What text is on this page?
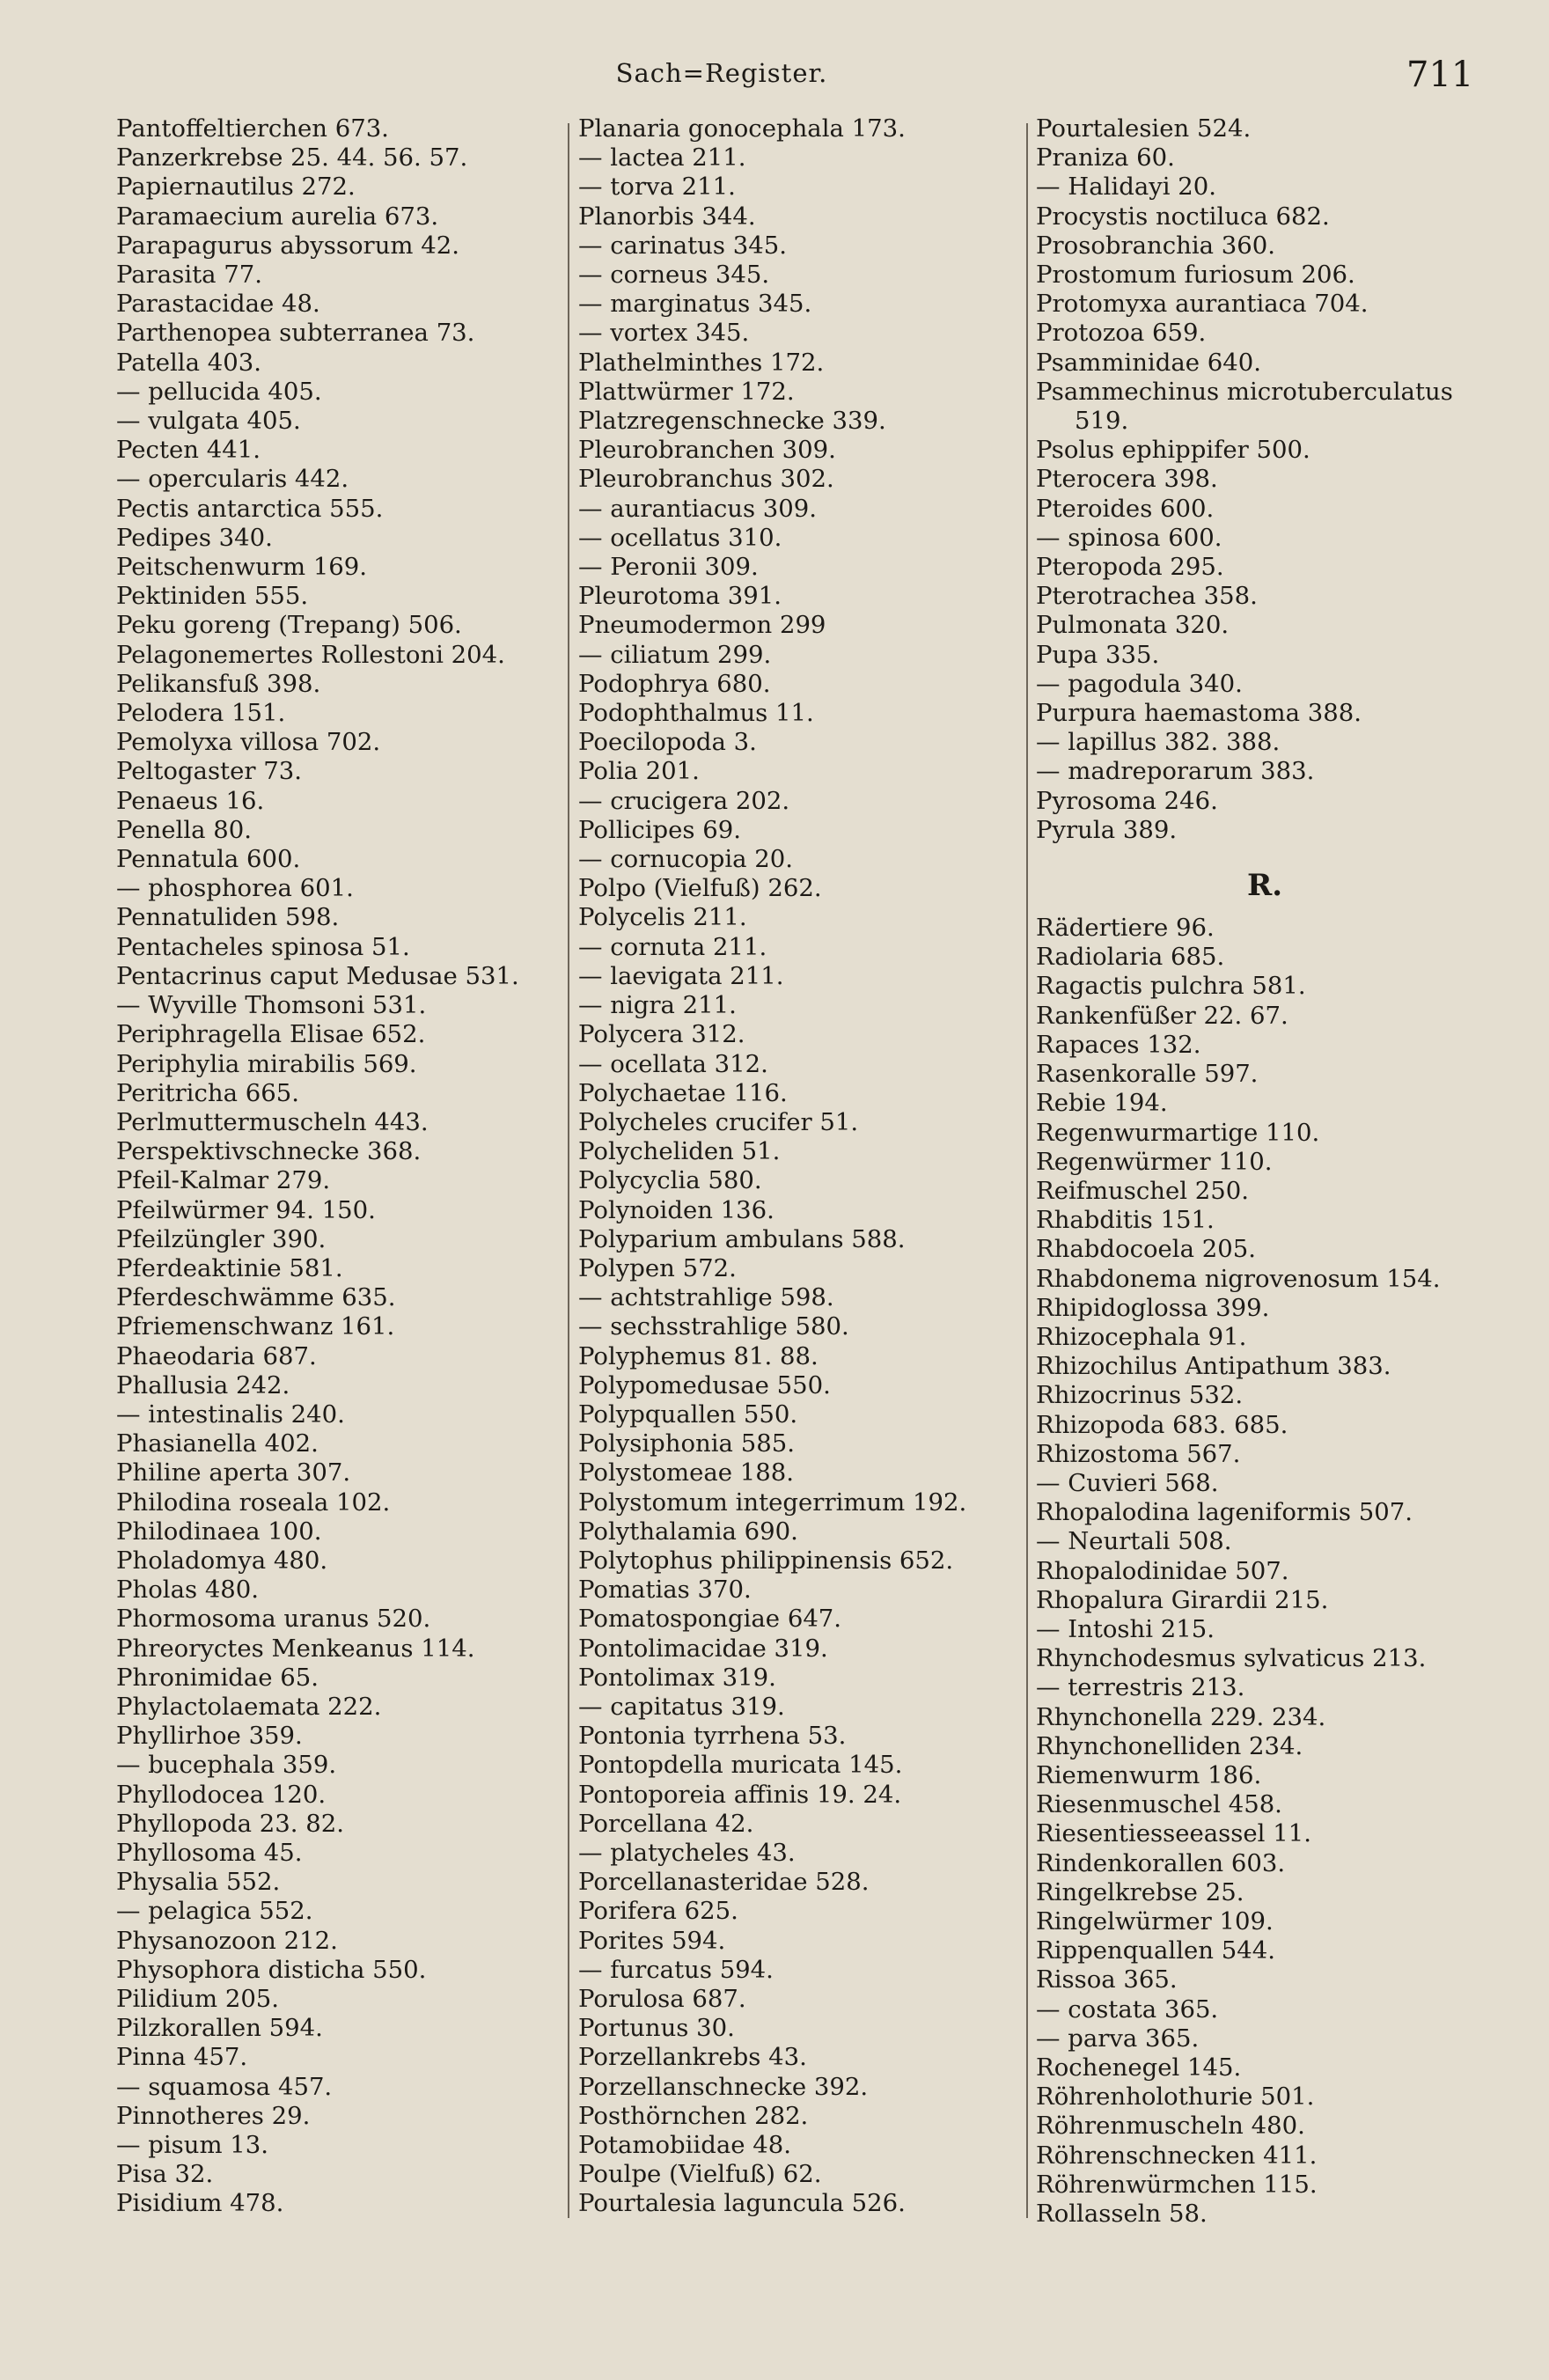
Sach=Register.	711
Pantoffeltierchen 673.
Panzerkrebse 25. 44. 56. 57.
Papiernautilus 272.
Paramaecium aurelia 673.
Parapagurus abyssorum 42.
Parasita 77.
Parastacidae 48.
Parthenopea subterranea 73.
Patella 403.
— pellucida 405.
— vulgata 405.
Pecten 441.
— opercularis 442.
Pectis antarctica 555.
Pedipes 340.
Peitschenwurm 169.
Pektiniden 555.
Peku goreng (Trepang) 506.
Pelagonemertes Rollestoni 204.
Pelikansfuß 398.
Pelodera 151.
Pemolyxa villosa 702.
Peltogaster 73.
Penaeus 16.
Penella 80.
Pennatula 600.
— phosphorea 601.
Pennatuliden 598.
Pentacheles spinosa 51.
Pentacrinus caput Medusae 531.
— Wyville Thomsoni 531.
Periphragella Elisae 652.
Periphylia mirabilis 569.
Peritricha 665.
Perlmuttermuscheln 443.
Perspektivschnecke 368.
Pfeil-Kalmar 279.
Pfeilwürmer 94. 150.
Pfeilzüngler 390.
Pferdeaktinie 581.
Pferdeschwämme 635.
Pfriemenschwanz 161.
Phaeodaria 687.
Phallusia 242.
— intestinalis 240.
Phasianella 402.
Philine aperta 307.
Philodina roseala 102.
Philodinaea 100.
Pholadomya 480.
Pholas 480.
Phormosoma uranus 520.
Phreoryctes Menkeanus 114.
Phronimidae 65.
Phylactolaemata 222.
Phyllirhoe 359.
— bucephala 359.
Phyllodocea 120.
Phyllopoda 23. 82.
Phyllosoma 45.
Physalia 552.
— pelagica 552.
Physanozoon 212.
Physophora disticha 550.
Pilidium 205.
Pilzkorallen 594.
Pinna 457.
— squamosa 457.
Pinnotheres 29.
— pisum 13.
Pisa 32.
Pisidium 478.
Planaria gonocephala 173.
— lactea 211.
— torva 211.
Planorbis 344.
— carinatus 345.
— corneus 345.
— marginatus 345.
— vortex 345.
Plathelminthes 172.
Plattwürmer 172.
Platzregenschnecke 339.
Pleurobranchen 309.
Pleurobranchus 302.
— aurantiacus 309.
— ocellatus 310.
— Peronii 309.
Pleurotoma 391.
Pneumodermon 299
— ciliatum 299.
Podophrya 680.
Podophthalmus 11.
Poecilopoda 3.
Polia 201.
— crucigera 202.
Pollicipes 69.
— cornucopia 20.
Polpo (Vielfuß) 262.
Polycelis 211.
— cornuta 211.
— laevigata 211.
— nigra 211.
Polycera 312.
— ocellata 312.
Polychaetae 116.
Polycheles crucifer 51.
Polycheliden 51.
Polycyclia 580.
Polynoiden 136.
Polyparium ambulans 588.
Polypen 572.
— achtstrahlige 598.
— sechsstrahlige 580.
Polyphemus 81. 88.
Polypomedusae 550.
Polypquallen 550.
Polysiphonia 585.
Polystomeae 188.
Polystomum integerrimum 192.
Polythalamia 690.
Polytophus philippinensis 652.
Pomatias 370.
Pomatospongiae 647.
Pontolimacidae 319.
Pontolimax 319.
— capitatus 319.
Pontonia tyrrhena 53.
Pontopdella muricata 145.
Pontoporeia affinis 19. 24.
Porcellana 42.
— platycheles 43.
Porcellanasteridae 528.
Porifera 625.
Porites 594.
— furcatus 594.
Porulosa 687.
Portunus 30.
Porzellankrebs 43.
Porzellanschnecke 392.
Posthörnchen 282.
Potamobiidae 48.
Poulpe (Vielfuß) 62.
Pourtalesia laguncula 526.
Pourtalesien 524.
Praniza 60.
— Halidayi 20.
Procystis noctiluca 682.
Prosobranchia 360.
Prostomum furiosum 206.
Protomyxa aurantiaca 704.
Protozoa 659.
Psamminidae 640.
Psammechinus microtuberculatus 519.
Psolus ephippifer 500.
Pterocera 398.
Pteroides 600.
— spinosa 600.
Pteropoda 295.
Pterotrachea 358.
Pulmonata 320.
Pupa 335.
— pagodula 340.
Purpura haemastoma 388.
— lapillus 382. 388.
— madreporarum 383.
Pyrosoma 246.
Pyrula 389.
R.
Rädertiere 96.
Radiolaria 685.
Ragactis pulchra 581.
Rankenfüßer 22. 67.
Rapaces 132.
Rasenkoralle 597.
Rebie 194.
Regenwurmartige 110.
Regenwürmer 110.
Reifmuschel 250.
Rhabditis 151.
Rhabdocoela 205.
Rhabdonema nigrovenosum 154.
Rhipidoglossa 399.
Rhizocephala 91.
Rhizochilus Antipathum 383.
Rhizocrinus 532.
Rhizopoda 683. 685.
Rhizostoma 567.
— Cuvieri 568.
Rhopalodina lageniformis 507.
— Neurtali 508.
Rhopalodinidae 507.
Rhopalura Girardii 215.
— Intoshi 215.
Rhynchodesmus sylvaticus 213.
— terrestris 213.
Rhynchonella 229. 234.
Rhynchonelliden 234.
Riemenwurm 186.
Riesenmuschel 458.
Riesentiesseeassel 11.
Rindenkorallen 603.
Ringelkrebse 25.
Ringelwürmer 109.
Rippenquallen 544.
Rissoa 365.
— costata 365.
— parva 365.
Rochenegel 145.
Röhrenholothurie 501.
Röhrenmuscheln 480.
Röhrenschnecken 411.
Röhrenwürmchen 115.
Rollasseln 58.
